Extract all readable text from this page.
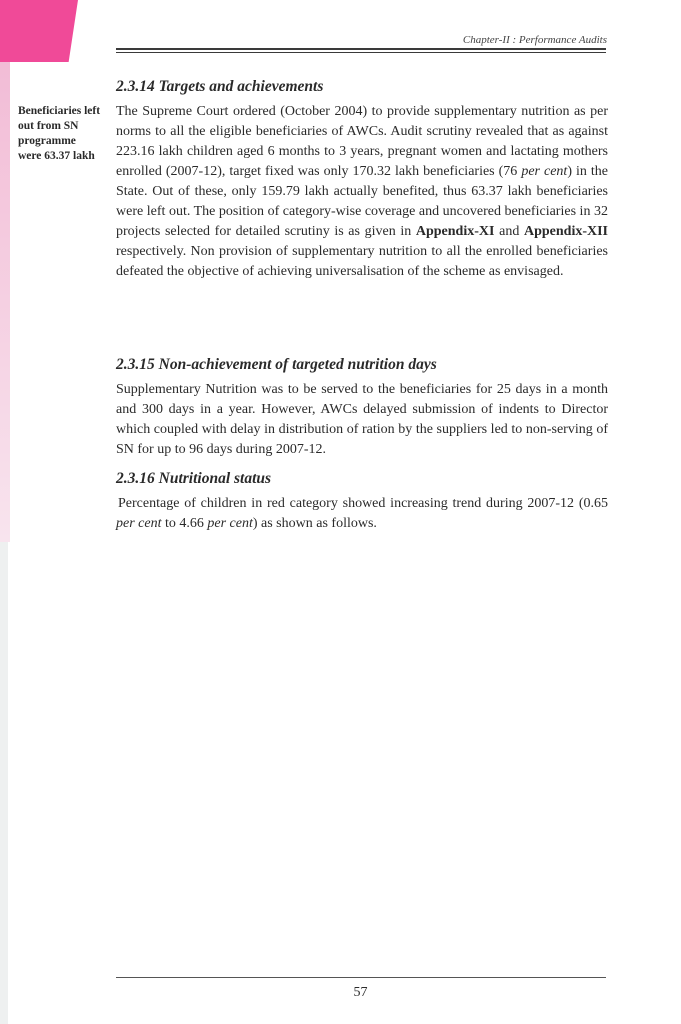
Chapter-II : Performance Audits
Beneficiaries left out from SN programme were 63.37 lakh
2.3.14 Targets and achievements

The Supreme Court ordered (October 2004) to provide supplementary nutrition as per norms to all the eligible beneficiaries of AWCs. Audit scrutiny revealed that as against 223.16 lakh children aged 6 months to 3 years, pregnant women and lactating mothers enrolled (2007-12), target fixed was only 170.32 lakh beneficiaries (76 per cent) in the State. Out of these, only 159.79 lakh actually benefited, thus 63.37 lakh beneficiaries were left out. The position of category-wise coverage and uncovered beneficiaries in 32 projects selected for detailed scrutiny is as given in Appendix-XI and Appendix-XII respectively. Non provision of supplementary nutrition to all the enrolled beneficiaries defeated the objective of achieving universalisation of the scheme as envisaged.

2.3.15 Non-achievement of targeted nutrition days

Supplementary Nutrition was to be served to the beneficiaries for 25 days in a month and 300 days in a year. However, AWCs delayed submission of indents to Director which coupled with delay in distribution of ration by the suppliers led to non-serving of SN for up to 96 days during 2007-12.

2.3.16 Nutritional status

Percentage of children in red category showed increasing trend during 2007-12 (0.65 per cent to 4.66 per cent) as shown as follows.

57
